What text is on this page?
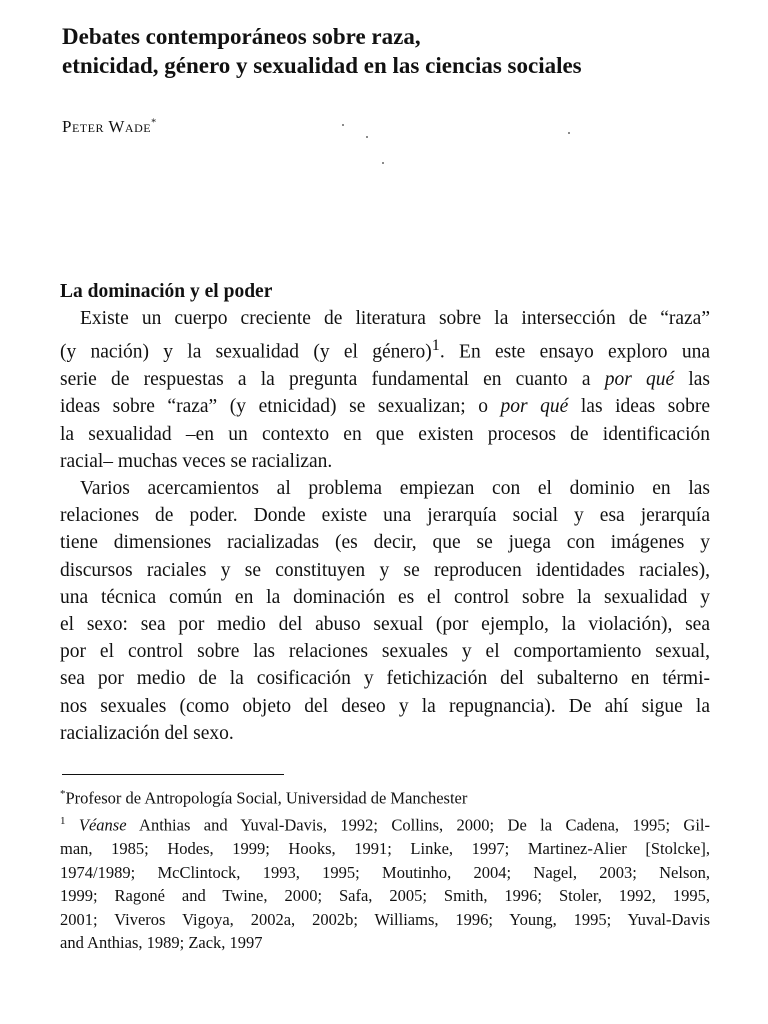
Debates contemporáneos sobre raza,
etnicidad, género y sexualidad en las ciencias sociales
Peter Wade*
La dominación y el poder
Existe un cuerpo creciente de literatura sobre la intersección de “raza”
(y nación) y la sexualidad (y el género)$^1$. En este ensayo exploro una
serie de respuestas a la pregunta fundamental en cuanto a por qué las
ideas sobre “raza” (y etnicidad) se sexualizan; o por qué las ideas sobre
la sexualidad –en un contexto en que existen procesos de identificación
racial– muchas veces se racializan.
Varios acercamientos al problema empiezan con el dominio en las
relaciones de poder. Donde existe una jerarquía social y esa jerarquía
tiene dimensiones racializadas (es decir, que se juega con imágenes y
discursos raciales y se constituyen y se reproducen identidades raciales),
una técnica común en la dominación es el control sobre la sexualidad y
el sexo: sea por medio del abuso sexual (por ejemplo, la violación), sea
por el control sobre las relaciones sexuales y el comportamiento sexual,
sea por medio de la cosificación y fetichización del subalterno en térmi-
nos sexuales (como objeto del deseo y la repugnancia). De ahí sigue la
racialización del sexo.
*Profesor de Antropología Social, Universidad de Manchester
$^1$ Véanse Anthias and Yuval-Davis, 1992; Collins, 2000; De la Cadena, 1995; Gil-
man, 1985; Hodes, 1999; Hooks, 1991; Linke, 1997; Martinez-Alier [Stolcke],
1974/1989; McClintock, 1993, 1995; Moutinho, 2004; Nagel, 2003; Nelson,
1999; Ragoné and Twine, 2000; Safa, 2005; Smith, 1996; Stoler, 1992, 1995,
2001; Viveros Vigoya, 2002a, 2002b; Williams, 1996; Young, 1995; Yuval-Davis
and Anthias, 1989; Zack, 1997
